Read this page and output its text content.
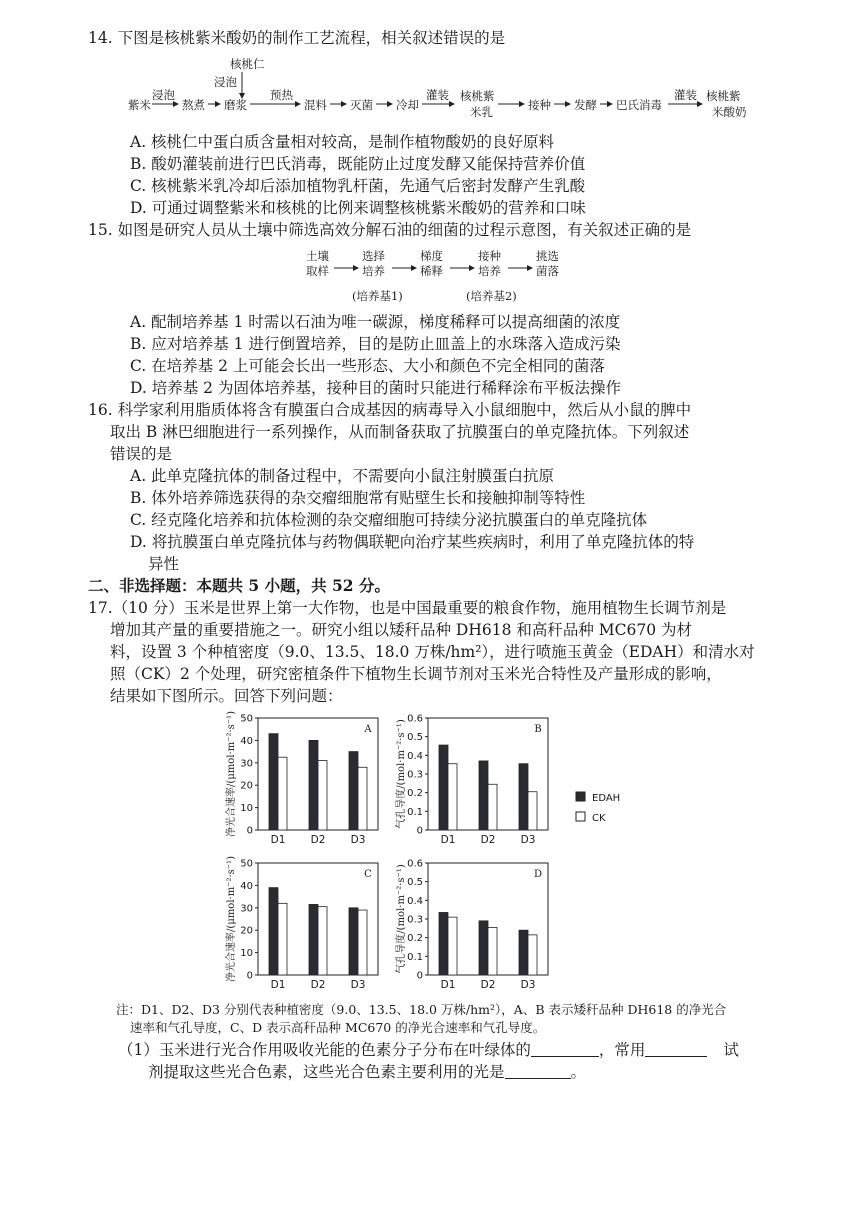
14. 下图是核桃紫米酸奶的制作工艺流程，相关叙述错误的是
核桃仁
浸泡
紫米
浸泡
熬煮 磨浆
预热
混料 灭菌 冷却
灌装 核桃紫
米乳	接种 发酵 巴氏消毒
灌装 核桃紫
米酸奶
A. 核桃仁中蛋白质含量相对较高，是制作植物酸奶的良好原料
B. 酸奶灌装前进行巴氏消毒，既能防止过度发酵又能保持营养价值
C. 核桃紫米乳冷却后添加植物乳杆菌，先通气后密封发酵产生乳酸
D. 可通过调整紫米和核桃的比例来调整核桃紫米酸奶的营养和口味
15. 如图是研究人员从土壤中筛选高效分解石油的细菌的过程示意图，有关叙述正确的是
土壤
取样
选择
培养
梯度
稀释
接种
培养
挑选
菌落
(培养基1)	(培养基2)
A. 配制培养基 1 时需以石油为唯一碳源，梯度稀释可以提高细菌的浓度
B. 应对培养基 1 进行倒置培养，目的是防止皿盖上的水珠落入造成污染
C. 在培养基 2 上可能会长出一些形态、大小和颜色不完全相同的菌落
D. 培养基 2 为固体培养基，接种目的菌时只能进行稀释涂布平板法操作
16. 科学家利用脂质体将含有膜蛋白合成基因的病毒导入小鼠细胞中，然后从小鼠的脾中
取出 B 淋巴细胞进行一系列操作，从而制备获取了抗膜蛋白的单克隆抗体。下列叙述
错误的是
A. 此单克隆抗体的制备过程中，不需要向小鼠注射膜蛋白抗原
B. 体外培养筛选获得的杂交瘤细胞常有贴壁生长和接触抑制等特性
C. 经克隆化培养和抗体检测的杂交瘤细胞可持续分泌抗膜蛋白的单克隆抗体
D. 将抗膜蛋白单克隆抗体与药物偶联靶向治疗某些疾病时，利用了单克隆抗体的特
异性
二、非选择题：本题共 5 小题，共 52 分。
17.（10 分）玉米是世界上第一大作物，也是中国最重要的粮食作物，施用植物生长调节剂是
增加其产量的重要措施之一。研究小组以矮秆品种 DH618 和高秆品种 MC670 为材
料，设置 3 个种植密度（9.0、13.5、18.0 万株/hm²），进行喷施玉黄金（EDAH）和清水对
照（CK）2 个处理，研究密植条件下植物生长调节剂对玉米光合特性及产量形成的影响，
结果如下图所示。回答下列问题：
EDAH
CK
0
10
20
30
40
50
净光合速率/(μmol·m⁻²·s⁻¹)	A
D1 D2 D3
0
0.1
0.2
0.3
0.4
0.5
0.6
气孔导度/(mol·m⁻²·s⁻¹)	B
D1 D2 D3
0
10
20
30
40
50
净光合速率/(μmol·m⁻²·s⁻¹)	C
D1 D2 D3
0
0.1
0.2
0.3
0.4
0.5
0.6
气孔导度/(mol·m⁻²·s⁻¹)	D
D1 D2 D3
注：D1、D2、D3 分别代表种植密度（9.0、13.5、18.0 万株/hm²），A、B 表示矮秆品种 DH618 的净光合
速率和气孔导度，C、D 表示高秆品种 MC670 的净光合速率和气孔导度。
（1）玉米进行光合作用吸收光能的色素分子分布在叶绿体的	，常用	试
剂提取这些光合色素，这些光合色素主要利用的光是	。
